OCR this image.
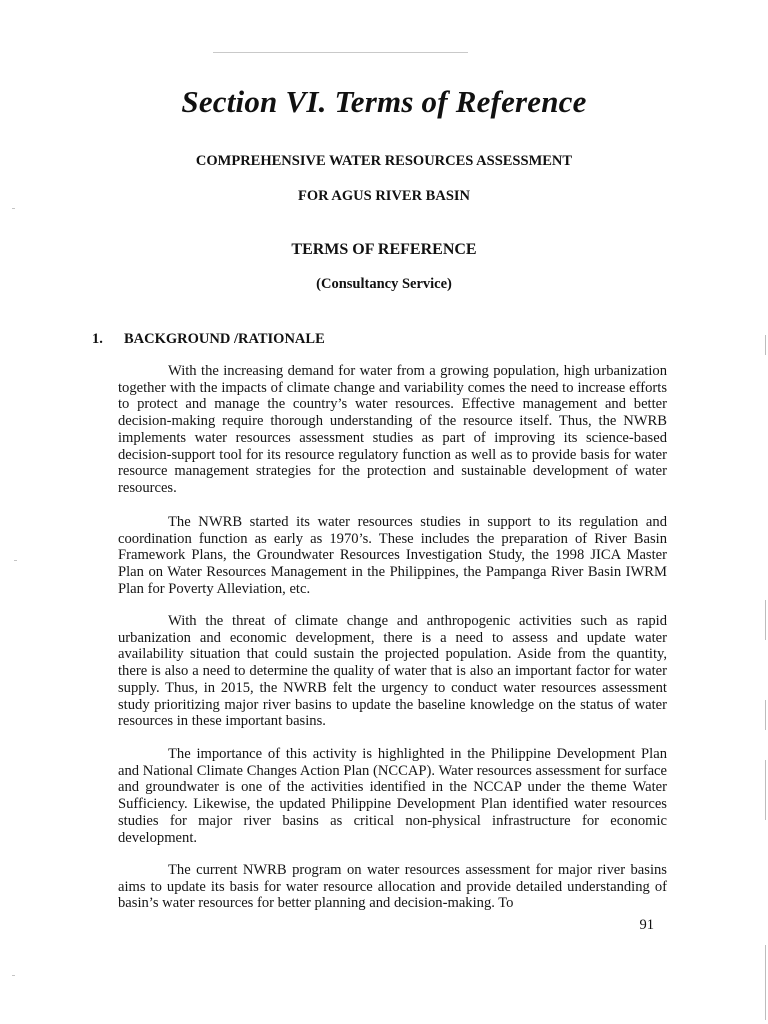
Section VI. Terms of Reference
COMPREHENSIVE WATER RESOURCES ASSESSMENT
FOR AGUS RIVER BASIN
TERMS OF REFERENCE
(Consultancy Service)
1. BACKGROUND /RATIONALE

With the increasing demand for water from a growing population, high urbanization together with the impacts of climate change and variability comes the need to increase efforts to protect and manage the country’s water resources. Effective management and better decision-making require thorough understanding of the resource itself. Thus, the NWRB implements water resources assessment studies as part of improving its science-based decision-support tool for its resource regulatory function as well as to provide basis for water resource management strategies for the protection and sustainable development of water resources.

The NWRB started its water resources studies in support to its regulation and coordination function as early as 1970’s. These includes the preparation of River Basin Framework Plans, the Groundwater Resources Investigation Study, the 1998 JICA Master Plan on Water Resources Management in the Philippines, the Pampanga River Basin IWRM Plan for Poverty Alleviation, etc.

With the threat of climate change and anthropogenic activities such as rapid urbanization and economic development, there is a need to assess and update water availability situation that could sustain the projected population. Aside from the quantity, there is also a need to determine the quality of water that is also an important factor for water supply. Thus, in 2015, the NWRB felt the urgency to conduct water resources assessment study prioritizing major river basins to update the baseline knowledge on the status of water resources in these important basins.

The importance of this activity is highlighted in the Philippine Development Plan and National Climate Changes Action Plan (NCCAP). Water resources assessment for surface and groundwater is one of the activities identified in the NCCAP under the theme Water Sufficiency. Likewise, the updated Philippine Development Plan identified water resources studies for major river basins as critical non-physical infrastructure for economic development.

The current NWRB program on water resources assessment for major river basins aims to update its basis for water resource allocation and provide detailed understanding of basin’s water resources for better planning and decision-making. To

91
